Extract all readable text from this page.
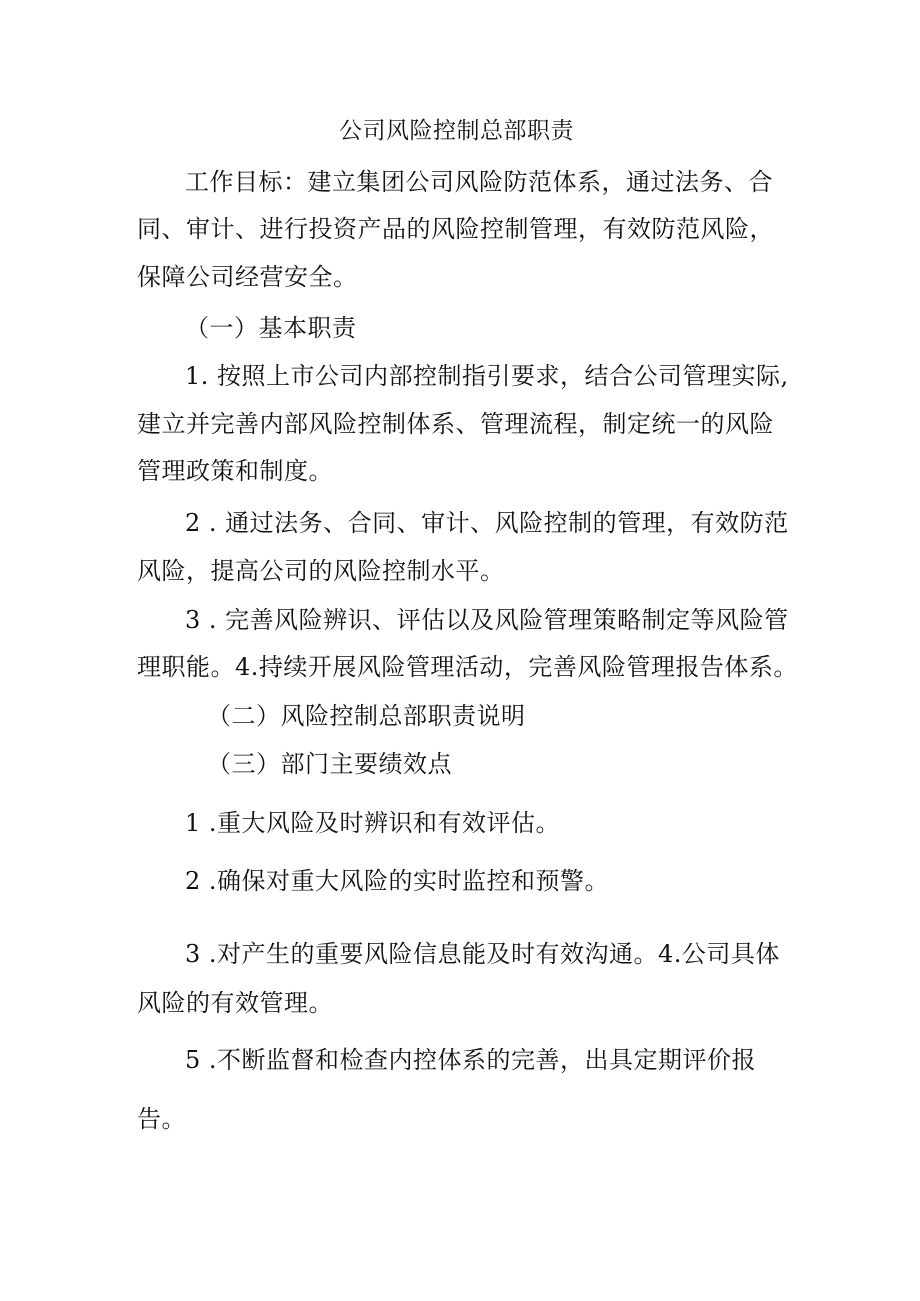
公司风险控制总部职责
工作目标：建立集团公司风险防范体系，通过法务、合
同、审计、进行投资产品的风险控制管理，有效防范风险，
保障公司经营安全。
（一）基本职责
1. 按照上市公司内部控制指引要求，结合公司管理实际,
建立并完善内部风险控制体系、管理流程，制定统一的风险
管理政策和制度。
2 . 通过法务、合同、审计、风险控制的管理，有效防范
风险，提高公司的风险控制水平。
3 . 完善风险辨识、评估以及风险管理策略制定等风险管
理职能。4.持续开展风险管理活动，完善风险管理报告体系。
（二）风险控制总部职责说明
（三）部门主要绩效点
1 .重大风险及时辨识和有效评估。
2 .确保对重大风险的实时监控和预警。
3 .对产生的重要风险信息能及时有效沟通。4.公司具体
风险的有效管理。
5 .不断监督和检查内控体系的完善，出具定期评价报
告。
